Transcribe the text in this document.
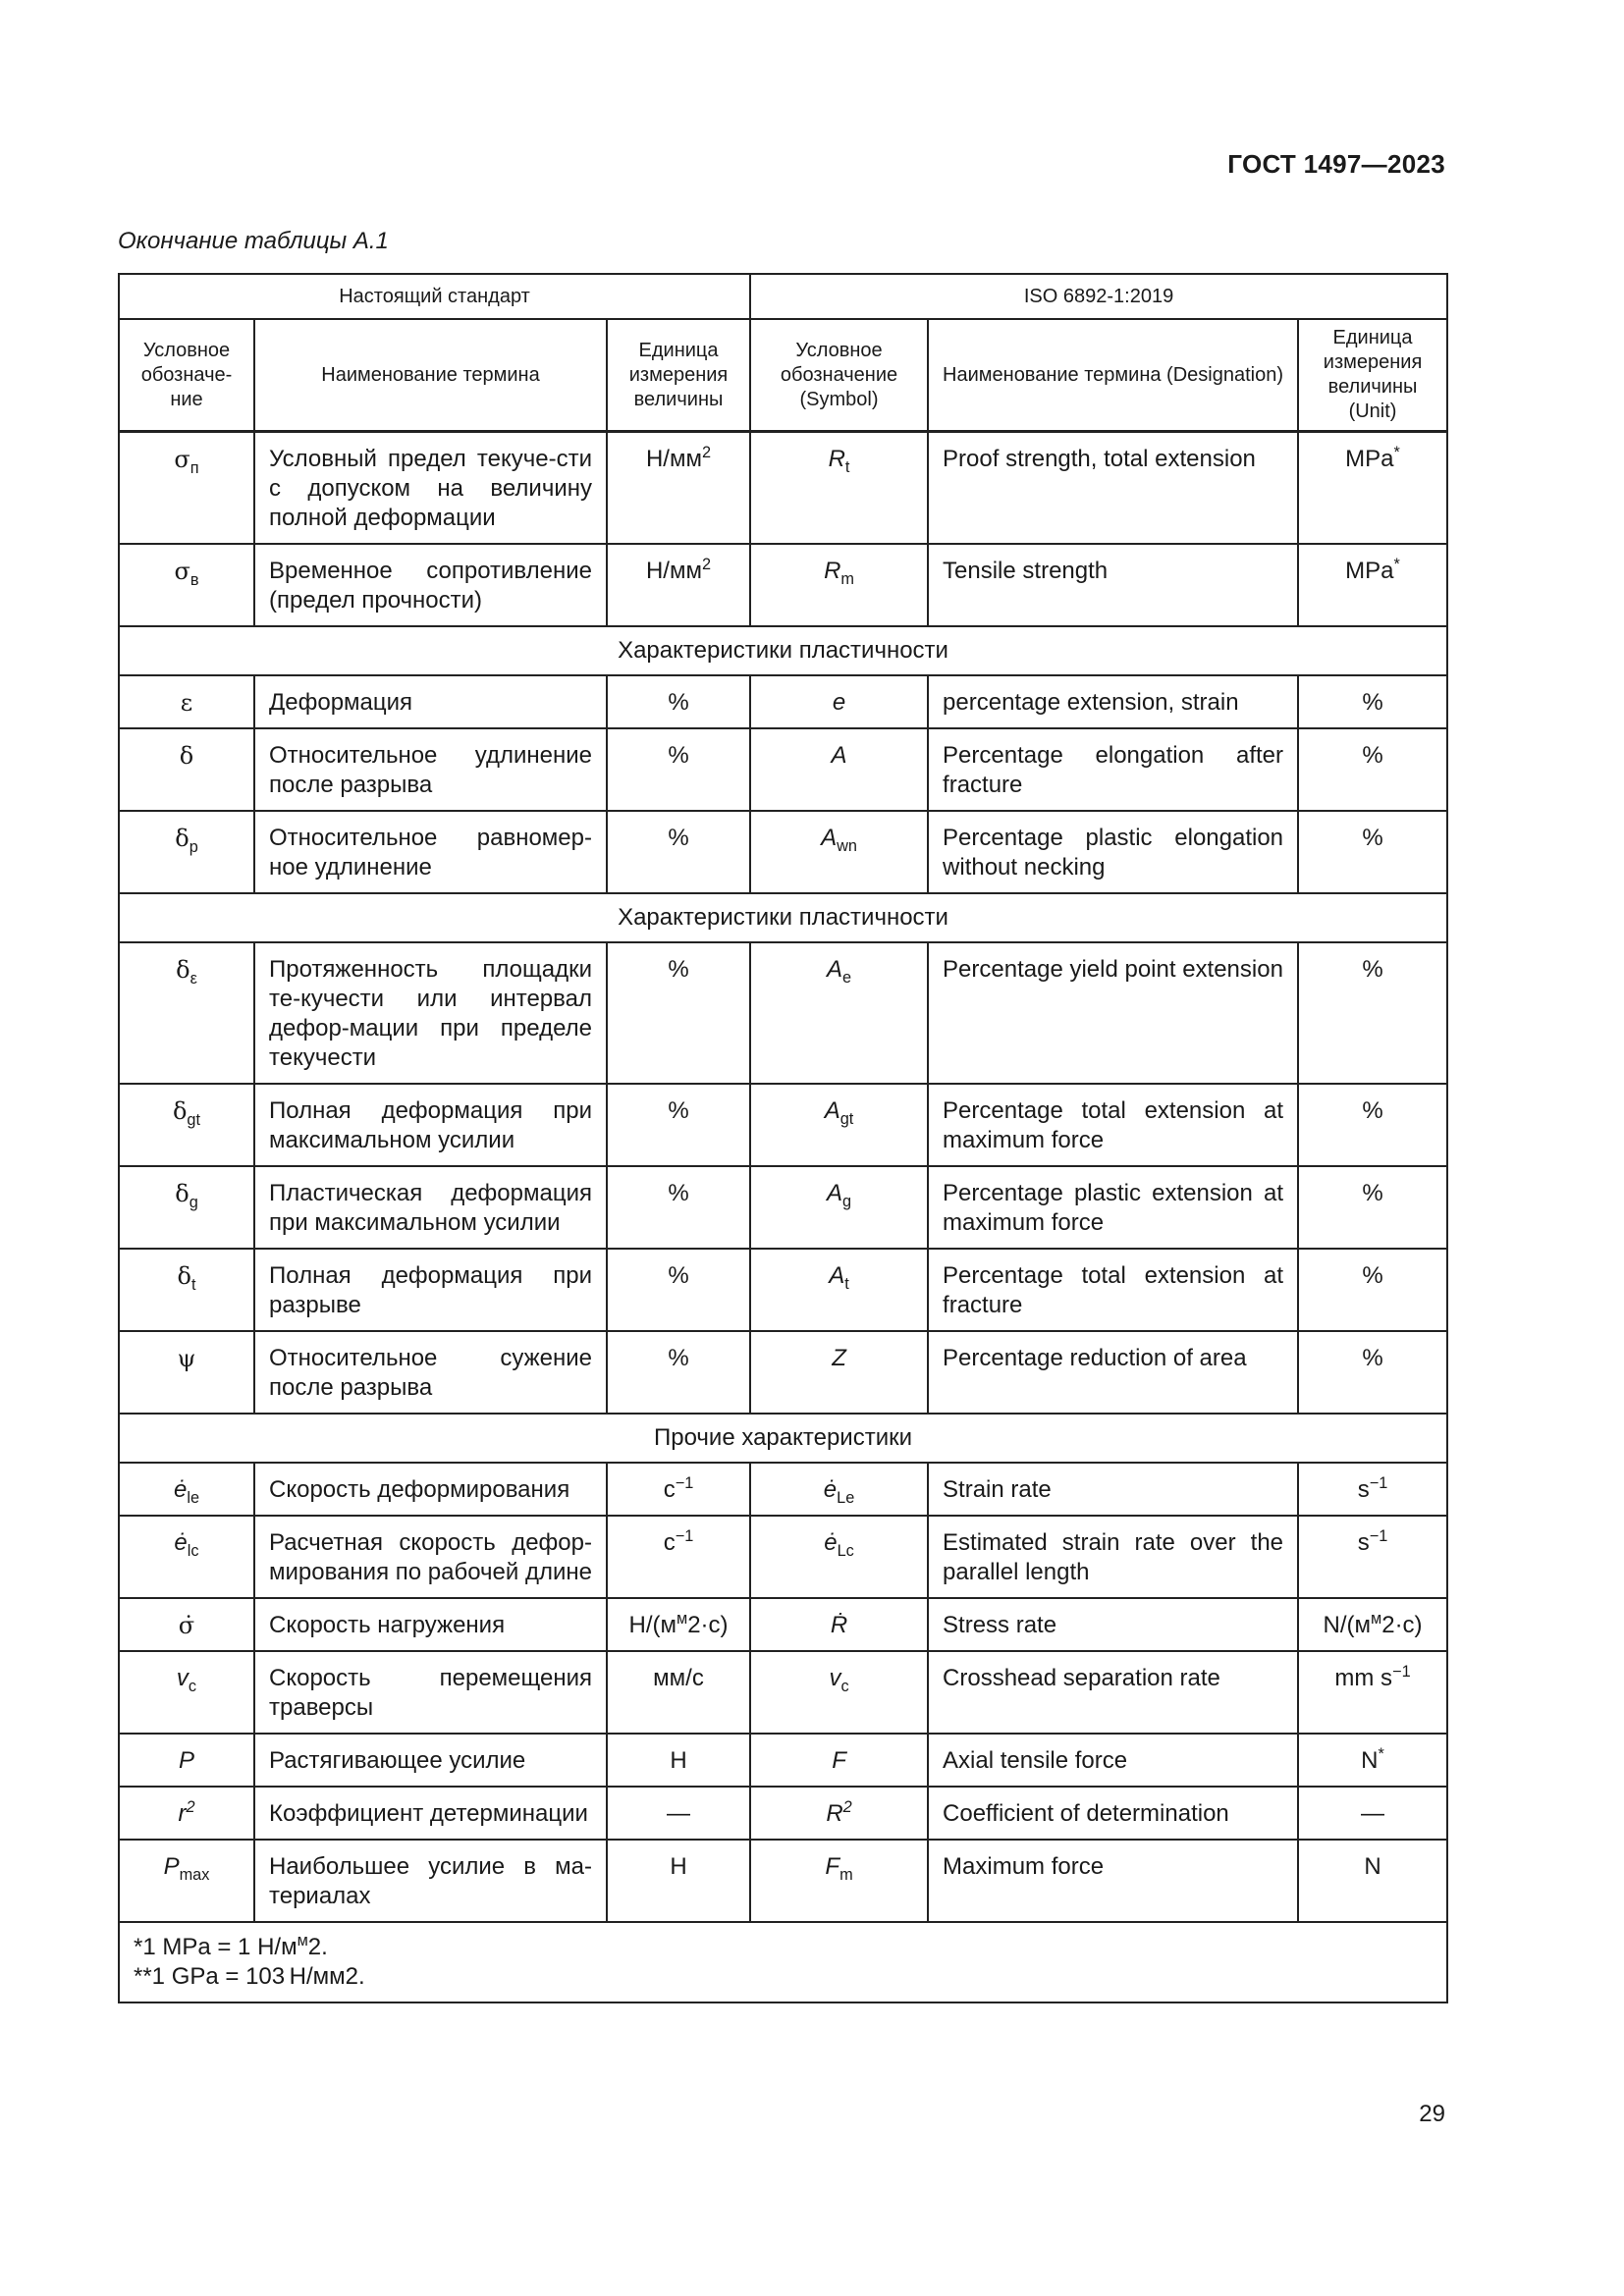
ГОСТ 1497—2023
Окончание таблицы А.1
Настоящий стандарт			ISO 6892-1:2019		
Условное обозначе-ние	Наименование термина	Единица измерения величины	Условное обозначение (Symbol)	Наименование термина (Designation)	Единица измерения величины (Unit)
$\sigma_п$	Условный предел текуче-сти с допуском на величину полной деформации	$Н/мм^2$	$R_t$	Proof strength, total extension	MPa*
$\sigma_в$	Временное сопротивление (предел прочности)	$Н/мм^2$	$R_m$	Tensile strength	MPa*
Характеристики пластичности					
ε	Деформация	%	e	percentage extension, strain	%
δ	Относительное удлинение после разрыва	%	A	Percentage elongation after fracture	%
$\delta_p$	Относительное равномер-ное удлинение	%	$A_{wn}$	Percentage plastic elongation without necking	%
Характеристики пластичности					
$\delta_\varepsilon$	Протяженность площадки те-кучести или интервал дефор-мации при пределе текучести	%	$A_e$	Percentage yield point extension	%
$\delta_{gt}$	Полная деформация при максимальном усилии	%	$A_{gt}$	Percentage total extension at maximum force	%
$\delta_g$	Пластическая деформация при максимальном усилии	%	$A_g$	Percentage plastic extension at maximum force	%
$\delta_t$	Полная деформация при разрыве	%	$A_t$	Percentage total extension at fracture	%
ψ	Относительное сужение после разрыва	%	Z	Percentage reduction of area	%
Прочие характеристики					
$ė_{le}$	Скорость деформирования	$с^{-1}$	$ė_{Le}$	Strain rate	$s^{-1}$
$ė_{lc}$	Расчетная скорость дефор-мирования по рабочей длине	$с^{-1}$	$ė_{Lc}$	Estimated strain rate over the parallel length	$s^{-1}$
σ̇	Скорость нагружения	$Н/(м^м2\cdot с)$	Ṙ	Stress rate	$N/(м^м2\cdot с)$
$v_c$	Скорость перемещения траверсы	мм/с	$v_c$	Crosshead separation rate	mm $s^{-1}$
P	Растягивающее усилие	Н	F	Axial tensile force	N*
$r^2$	Коэффициент детерминации	—	$R^2$	Coefficient of determination	—
$P_{max}$	Наибольшее усилие в ма-териалах	Н	$F_m$	Maximum force	N

*1 MPa = 1 $Н/м^м2$.
**1 GPa = 103 Н/мм2.					
29
